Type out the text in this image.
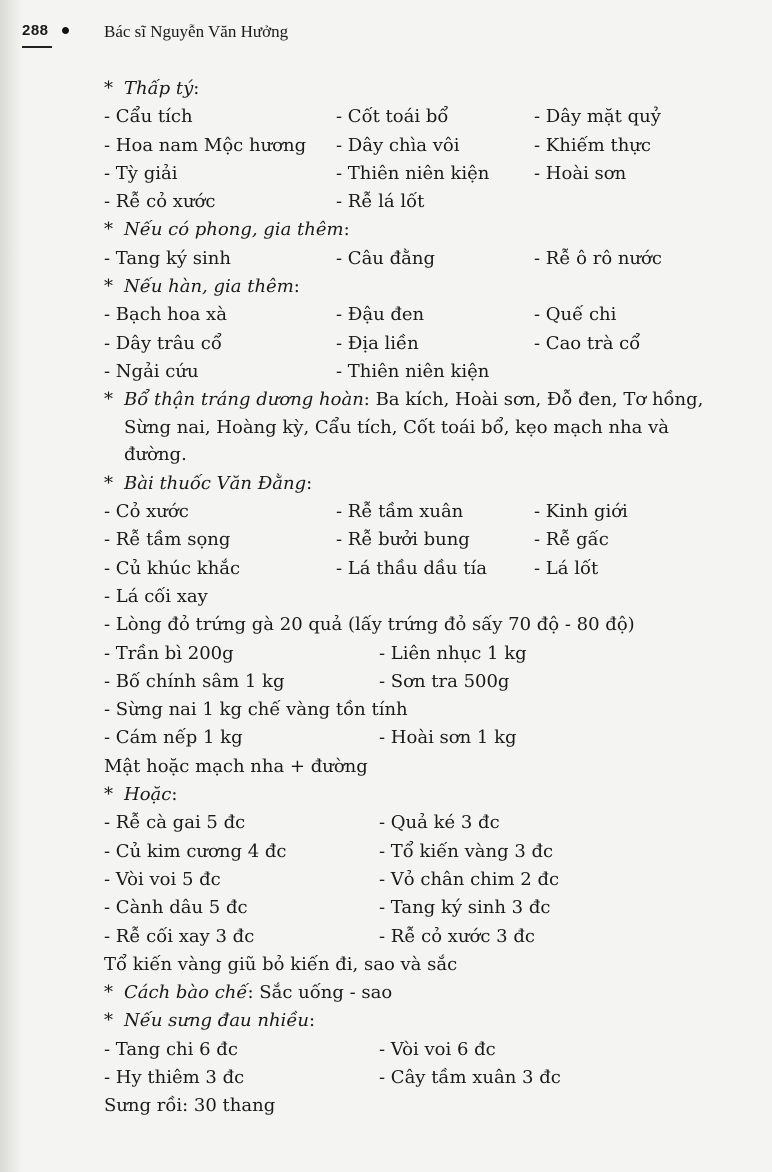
288	Bác sĩ Nguyễn Văn Hưởng
* Thấp tý:
- Cẩu tích	- Cốt toái bổ	- Dây mặt quỷ
- Hoa nam Mộc hương - Dây chìa vôi	- Khiếm thực
- Tỳ giải	- Thiên niên kiện - Hoài sơn
- Rễ cỏ xước	- Rễ lá lốt
* Nếu có phong, gia thêm:
- Tang ký sinh	- Câu đằng	- Rễ ô rô nước
* Nếu hàn, gia thêm:
- Bạch hoa xà	- Đậu đen	- Quế chi
- Dây trâu cổ	- Địa liền	- Cao trà cổ
- Ngải cứu	- Thiên niên kiện
* Bổ thận tráng dương hoàn: Ba kích, Hoài sơn, Đỗ đen, Tơ hồng, Sừng nai, Hoàng kỳ, Cẩu tích, Cốt toái bổ, kẹo mạch nha và đường.
* Bài thuốc Văn Đằng:
- Cỏ xước	- Rễ tầm xuân	- Kinh giới
- Rễ tầm sọng	- Rễ bưởi bung	- Rễ gấc
- Củ khúc khắc	- Lá thầu dầu tía	- Lá lốt
- Lá cối xay
- Lòng đỏ trứng gà 20 quả (lấy trứng đỏ sấy 70 độ - 80 độ)
- Trần bì 200g	- Liên nhục 1 kg
- Bố chính sâm 1 kg	- Sơn tra 500g
- Sừng nai 1 kg chế vàng tồn tính
- Cám nếp 1 kg	- Hoài sơn 1 kg
Mật hoặc mạch nha + đường
* Hoặc:
- Rễ cà gai 5 đc	- Quả ké 3 đc
- Củ kim cương 4 đc	- Tổ kiến vàng 3 đc
- Vòi voi 5 đc	- Vỏ chân chim 2 đc
- Cành dâu 5 đc	- Tang ký sinh 3 đc
- Rễ cối xay 3 đc	- Rễ cỏ xước 3 đc
Tổ kiến vàng giũ bỏ kiến đi, sao và sắc
* Cách bào chế: Sắc uống - sao
* Nếu sưng đau nhiều:
- Tang chi 6 đc	- Vòi voi 6 đc
- Hy thiêm 3 đc	- Cây tầm xuân 3 đc
Sưng rồi: 30 thang
